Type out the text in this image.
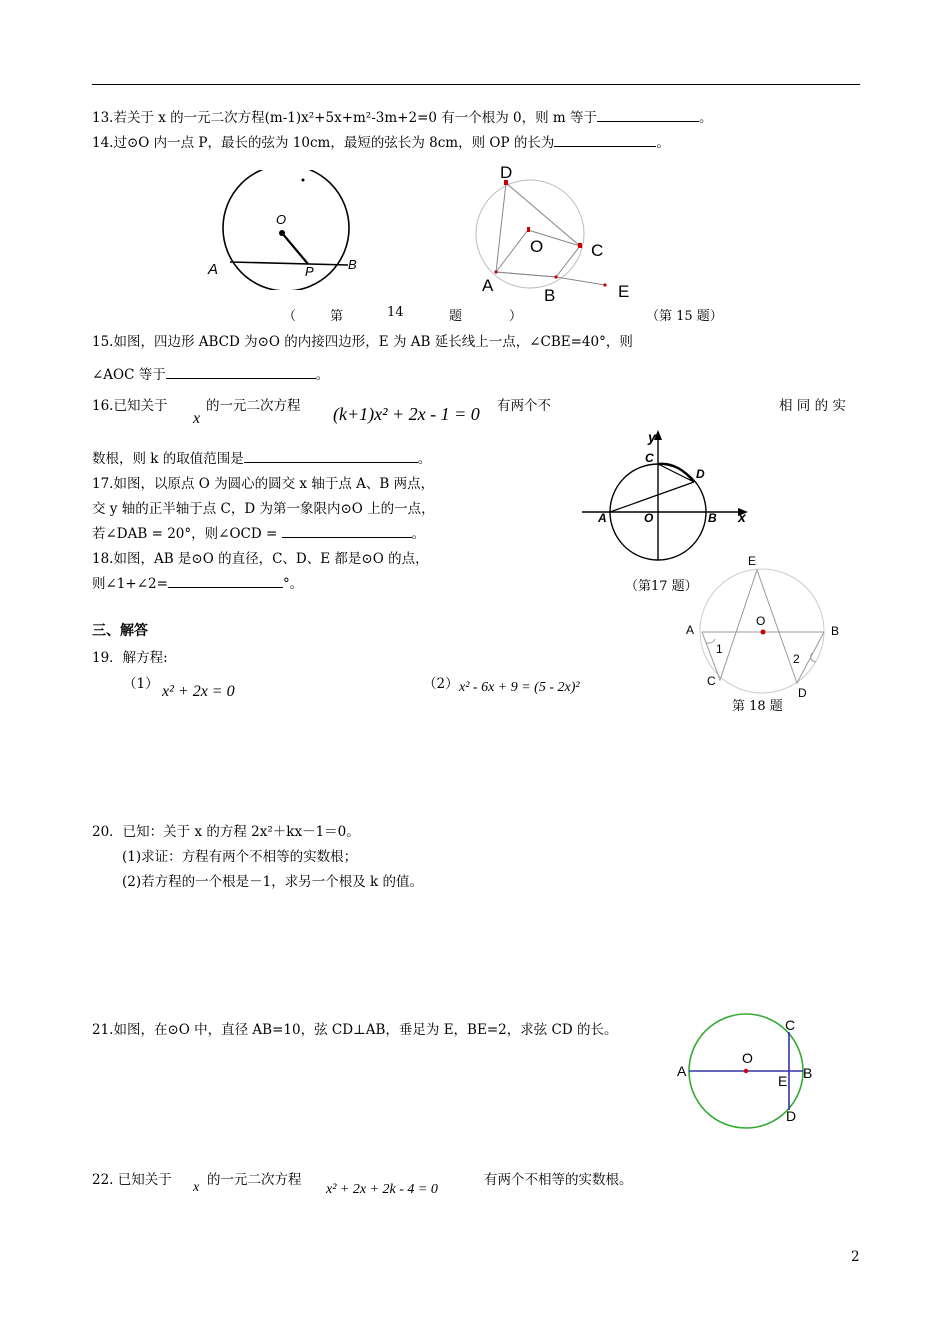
13.若关于 x 的一元二次方程(m-1)x²+5x+m²-3m+2=0 有一个根为 0，则 m 等于	。
14.过⊙O 内一点 P，最长的弦为 10cm，最短的弦长为 8cm，则 OP 的长为	。
O
A	P	B
（	第	14	题	）
D
O	C
A
B	E
（第 15 题）
15.如图，四边形 ABCD 为⊙O 的内接四边形，E 为 AB 延长线上一点，∠CBE=40°，则
∠AOC 等于	。
16.已知关于
x
的一元二次方程 (k+1)x² + 2x - 1 = 0 有两个不	相 同 的 实
数根，则 k 的取值范围是	。
17.如图，以原点 O 为圆心的圆交 x 轴于点 A、B 两点，
交 y 轴的正半轴于点 C，D 为第一象限内⊙O 上的一点，
若∠DAB = 20°，则∠OCD =	。
y
x
C
D
A	O	B
（第17 题）
18.如图，AB 是⊙O 的直径，C、D、E 都是⊙O 的点，
则∠1+∠2=	°。
E
O
A	B
1
2
C
D
第 18 题
三、解答
19．解方程:
（1） x² + 2x = 0	（2） x² - 6x + 9 = (5 - 2x)²
20．已知：关于 x 的方程 2x²＋kx－1＝0。
(1)求证：方程有两个不相等的实数根；
(2)若方程的一个根是－1，求另一个根及 k 的值。
21.如图，在⊙O 中，直径 AB=10，弦 CD⊥AB，垂足为 E，BE=2，求弦 CD 的长。	C
O
A
E B
D
22. 已知关于 x 的一元二次方程
x² + 2x + 2k - 4 = 0
有两个不相等的实数根。
2
